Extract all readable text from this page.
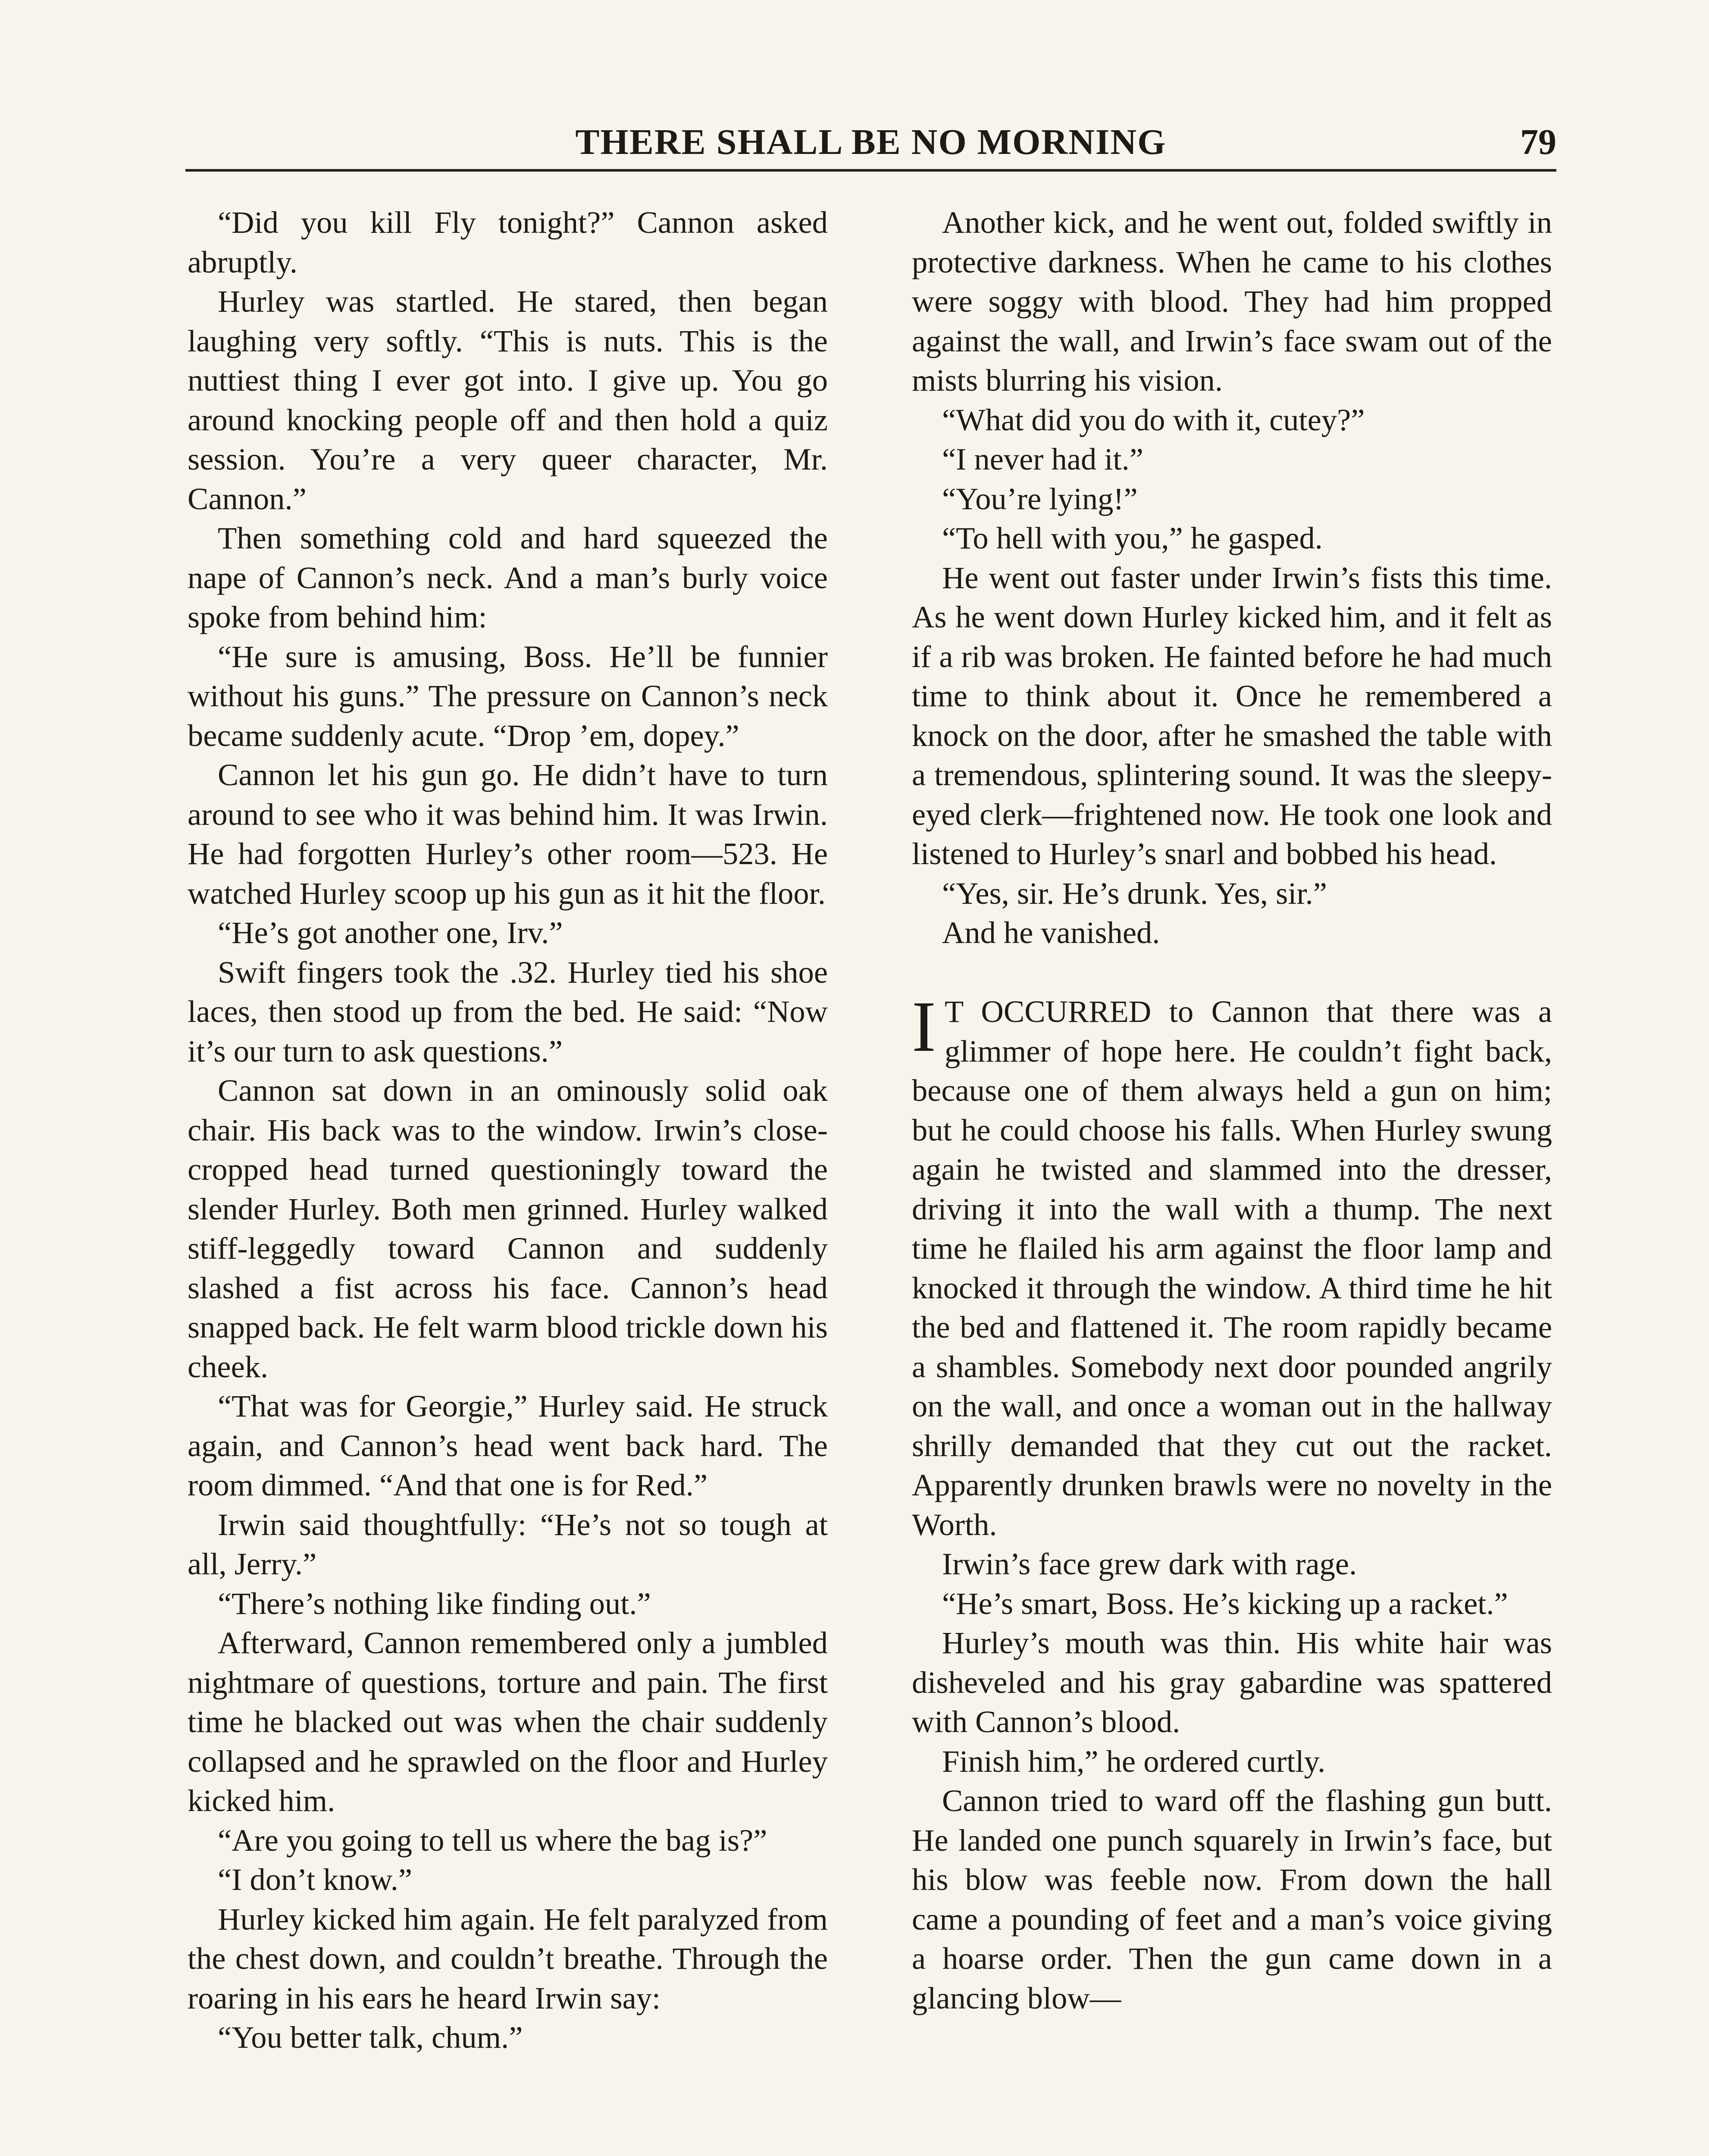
THERE SHALL BE NO MORNING	79

“Did you kill Fly tonight?” Cannon asked abruptly.

Hurley was startled. He stared, then began laughing very softly. “This is nuts. This is the nuttiest thing I ever got into. I give up. You go around knocking people off and then hold a quiz session. You’re a very queer character, Mr. Cannon.”

Then something cold and hard squeezed the nape of Cannon’s neck. And a man’s burly voice spoke from behind him:

“He sure is amusing, Boss. He’ll be funnier without his guns.” The pressure on Cannon’s neck became suddenly acute. “Drop ’em, dopey.”

Cannon let his gun go. He didn’t have to turn around to see who it was behind him. It was Irwin. He had forgotten Hurley’s other room—523. He watched Hurley scoop up his gun as it hit the floor.

“He’s got another one, Irv.”

Swift fingers took the .32. Hurley tied his shoe laces, then stood up from the bed. He said: “Now it’s our turn to ask questions.”

Cannon sat down in an ominously solid oak chair. His back was to the window. Irwin’s close-cropped head turned questioningly toward the slender Hurley. Both men grinned. Hurley walked stiff-leggedly toward Cannon and suddenly slashed a fist across his face. Cannon’s head snapped back. He felt warm blood trickle down his cheek.

“That was for Georgie,” Hurley said. He struck again, and Cannon’s head went back hard. The room dimmed. “And that one is for Red.”

Irwin said thoughtfully: “He’s not so tough at all, Jerry.”

“There’s nothing like finding out.”

Afterward, Cannon remembered only a jumbled nightmare of questions, torture and pain. The first time he blacked out was when the chair suddenly collapsed and he sprawled on the floor and Hurley kicked him.

“Are you going to tell us where the bag is?”

“I don’t know.”

Hurley kicked him again. He felt paralyzed from the chest down, and couldn’t breathe. Through the roaring in his ears he heard Irwin say:

“You better talk, chum.”

Another kick, and he went out, folded swiftly in protective darkness. When he came to his clothes were soggy with blood. They had him propped against the wall, and Irwin’s face swam out of the mists blurring his vision.

“What did you do with it, cutey?”

“I never had it.”

“You’re lying!”

“To hell with you,” he gasped.

He went out faster under Irwin’s fists this time. As he went down Hurley kicked him, and it felt as if a rib was broken. He fainted before he had much time to think about it. Once he remembered a knock on the door, after he smashed the table with a tremendous, splintering sound. It was the sleepy-eyed clerk—frightened now. He took one look and listened to Hurley’s snarl and bobbed his head.

“Yes, sir. He’s drunk. Yes, sir.”

And he vanished.

I T OCCURRED to Cannon that there was a glimmer of hope here. He couldn’t fight back, because one of them always held a gun on him; but he could choose his falls. When Hurley swung again he twisted and slammed into the dresser, driving it into the wall with a thump. The next time he flailed his arm against the floor lamp and knocked it through the window. A third time he hit the bed and flattened it. The room rapidly became a shambles. Somebody next door pounded angrily on the wall, and once a woman out in the hallway shrilly demanded that they cut out the racket. Apparently drunken brawls were no novelty in the Worth.

Irwin’s face grew dark with rage.

“He’s smart, Boss. He’s kicking up a racket.”

Hurley’s mouth was thin. His white hair was disheveled and his gray gabardine was spattered with Cannon’s blood.

Finish him,” he ordered curtly.

Cannon tried to ward off the flashing gun butt. He landed one punch squarely in Irwin’s face, but his blow was feeble now. From down the hall came a pounding of feet and a man’s voice giving a hoarse order. Then the gun came down in a glancing blow—
